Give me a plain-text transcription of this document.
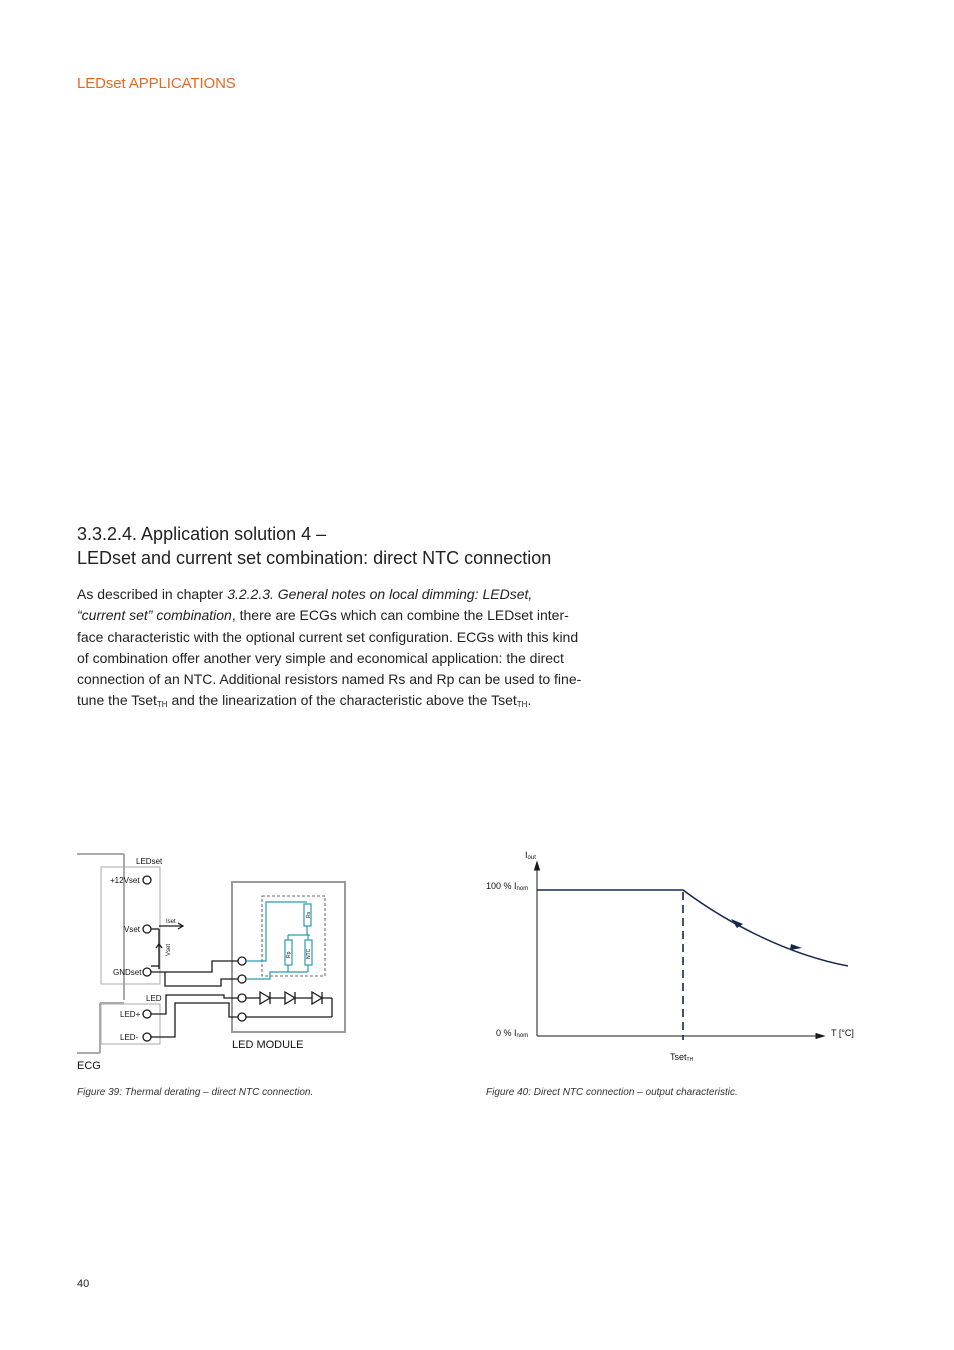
LEDset APPLICATIONS
3.3.2.4. Application solution 4 –
LEDset and current set combination: direct NTC connection

As described in chapter 3.2.2.3. General notes on local dimming: LEDset,

“current set” combination, there are ECGs which can combine the LEDset inter-

face characteristic with the optional current set configuration. ECGs with this kind

of combination offer another very simple and economical application: the direct

connection of an NTC. Additional resistors named Rs and Rp can be used to fine-

tune the Tset$_{TH}$ and the linearization of the characteristic above the Tset$_{TH}$.

LEDset
+12Vset
Vset
GNDset
LED
LED+
LED-
Iset
Vset
Rs
Rp	NTC
LED MODULE
ECG
Iout
100 % Inom
0 % Inom	T [°C]
TsetTH
Figure 39: Thermal derating – direct NTC connection.	Figure 40: Direct NTC connection – output characteristic.
40
